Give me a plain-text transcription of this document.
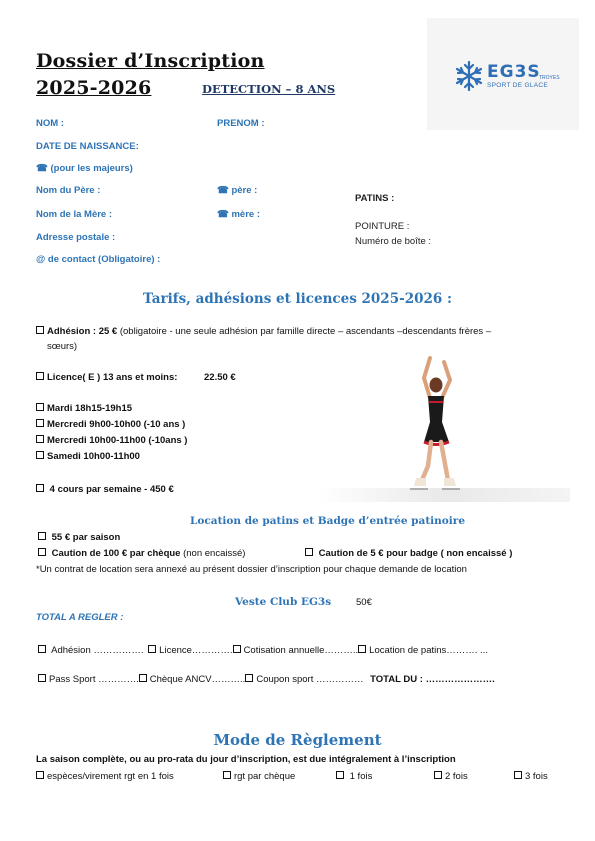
Dossier d’Inscription
2025-2026	DETECTION – 8 ANS
EG3S
TROYES
SPORT DE GLACE
NOM :	PRENOM :
DATE DE NAISSANCE:
☎ (pour les majeurs)
Nom du Père :	☎ père :
PATINS :
Nom de la Mère :	☎ mère :
POINTURE :
Adresse postale :	Numéro de boîte :
@ de contact (Obligatoire) :
Tarifs, adhésions et licences 2025-2026 :
Adhésion : 25 € (obligatoire - une seule adhésion par famille directe – ascendants –descendants frères –
sœurs)
Licence( E ) 13 ans et moins:	22.50 €
Mardi 18h15-19h15
Mercredi 9h00-10h00 (-10 ans )
Mercredi 10h00-11h00 (-10ans )
Samedi 10h00-11h00
4 cours par semaine - 450 €
Location de patins et Badge d’entrée patinoire
55 € par saison
Caution de 100 € par chèque (non encaissé)	Caution de 5 € pour badge ( non encaissé )
*Un contrat de location sera annexé au présent dossier d’inscription pour chaque demande de location
Veste Club EG3s	50€
TOTAL A REGLER :
Adhésion ……………. Licence…………. Cotisation annuelle……….. Location de patins………. ...
Pass Sport …………. Chèque ANCV……….. Coupon sport …………… TOTAL DU : ………………….
Mode de Règlement
La saison complète, ou au pro-rata du jour d’inscription, est due intégralement à l’inscription
espèces/virement rgt en 1 fois	rgt par chèque	1 fois	2 fois	3 fois
